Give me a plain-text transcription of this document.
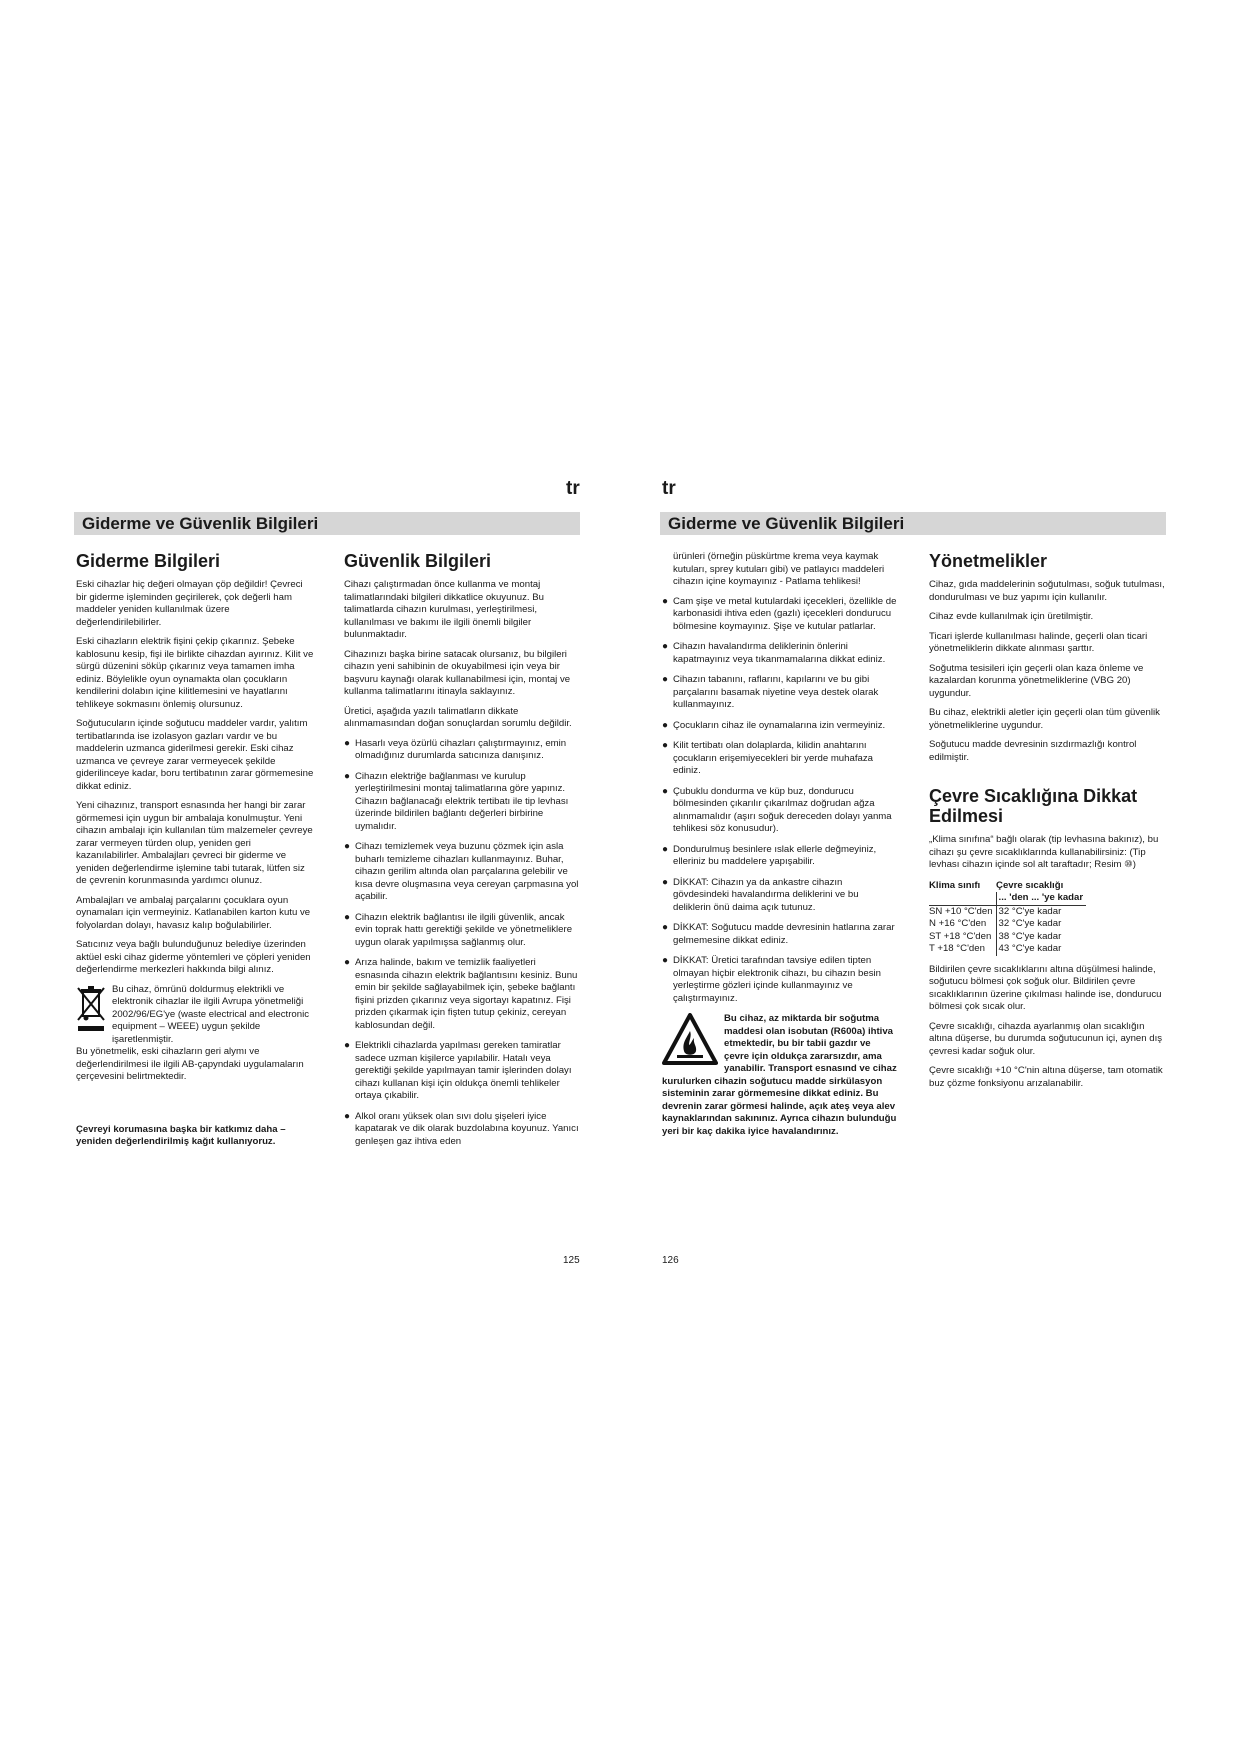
tr
Giderme ve Güvenlik Bilgileri
Giderme Bilgileri

Eski cihazlar hiç değeri olmayan çöp değildir! Çevreci bir giderme işleminden geçirilerek, çok değerli ham maddeler yeniden kullanılmak üzere değerlendirilebilirler.

Eski cihazların elektrik fişini çekip çıkarınız. Şebeke kablosunu kesip, fişi ile birlikte cihazdan ayırınız. Kilit ve sürgü düzenini söküp çıkarınız veya tamamen imha ediniz. Böylelikle oyun oynamakta olan çocukların kendilerini dolabın içine kilitlemesini ve hayatlarını tehlikeye sokmasını önlemiş olursunuz.

Soğutucuların içinde soğutucu maddeler vardır, yalıtım tertibatlarında ise izolasyon gazları vardır ve bu maddelerin uzmanca giderilmesi gerekir. Eski cihaz uzmanca ve çevreye zarar vermeyecek şekilde giderilinceye kadar, boru tertibatının zarar görmemesine dikkat ediniz.

Yeni cihazınız, transport esnasında her hangi bir zarar görmemesi için uygun bir ambalaja konulmuştur. Yeni cihazın ambalajı için kullanılan tüm malzemeler çevreye zarar vermeyen türden olup, yeniden geri kazanılabilirler. Ambalajları çevreci bir giderme ve yeniden değerlendirme işlemine tabi tutarak, lütfen siz de çevrenin korunmasında yardımcı olunuz.

Ambalajları ve ambalaj parçalarını çocuklara oyun oynamaları için vermeyiniz. Katlanabilen karton kutu ve folyolardan dolayı, havasız kalıp boğulabilirler.

Satıcınız veya bağlı bulunduğunuz belediye üzerinden aktüel eski cihaz giderme yöntemleri ve çöpleri yeniden değerlendirme merkezleri hakkında bilgi alınız.

Bu cihaz, ömrünü doldurmuş elektrikli ve elektronik cihazlar ile ilgili Avrupa yönetmeliği 2002/96/EG'ye (waste electrical and electronic equipment – WEEE) uygun şekilde işaretlenmiştir.

Bu yönetmelik, eski cihazların geri alymı ve değerlendirilmesi ile ilgili AB-çapyndaki uygulamaların çerçevesini belirtmektedir.

Çevreyi korumasına başka bir katkımız daha – yeniden değerlendirilmiş kağıt kullanıyoruz.

Güvenlik Bilgileri

Cihazı çalıştırmadan önce kullanma ve montaj talimatlarındaki bilgileri dikkatlice okuyunuz. Bu talimatlarda cihazın kurulması, yerleştirilmesi, kullanılması ve bakımı ile ilgili önemli bilgiler bulunmaktadır.

Cihazınızı başka birine satacak olursanız, bu bilgileri cihazın yeni sahibinin de okuyabilmesi için veya bir başvuru kaynağı olarak kullanabilmesi için, montaj ve kullanma talimatlarını itinayla saklayınız.

Üretici, aşağıda yazılı talimatların dikkate alınmamasından doğan sonuçlardan sorumlu değildir.

● Hasarlı veya özürlü cihazları çalıştırmayınız, emin olmadığınız durumlarda satıcınıza danışınız.
● Cihazın elektriğe bağlanması ve kurulup yerleştirilmesini montaj talimatlarına göre yapınız. Cihazın bağlanacağı elektrik tertibatı ile tip levhası üzerinde bildirilen bağlantı değerleri birbirine uymalıdır.
● Cihazı temizlemek veya buzunu çözmek için asla buharlı temizleme cihazları kullanmayınız. Buhar, cihazın gerilim altında olan parçalarına gelebilir ve kısa devre oluşmasına veya cereyan çarpmasına yol açabilir.
● Cihazın elektrik bağlantısı ile ilgili güvenlik, ancak evin toprak hattı gerektiği şekilde ve yönetmeliklere uygun olarak yapılmışsa sağlanmış olur.
● Arıza halinde, bakım ve temizlik faaliyetleri esnasında cihazın elektrik bağlantısını kesiniz. Bunu emin bir şekilde sağlayabilmek için, şebeke bağlantı fişini prizden çıkarınız veya sigortayı kapatınız. Fişi prizden çıkarmak için fişten tutup çekiniz, cereyan kablosundan değil.
● Elektrikli cihazlarda yapılması gereken tamiratlar sadece uzman kişilerce yapılabilir. Hatalı veya gerektiği şekilde yapılmayan tamir işlerinden dolayı cihazı kullanan kişi için oldukça önemli tehlikeler ortaya çıkabilir.
● Alkol oranı yüksek olan sıvı dolu şişeleri iyice kapatarak ve dik olarak buzdolabına koyunuz. Yanıcı genleşen gaz ihtiva eden
125
tr
Giderme ve Güvenlik Bilgileri

ürünleri (örneğin püskürtme krema veya kaymak kutuları, sprey kutuları gibi) ve patlayıcı maddeleri cihazın içine koymayınız - Patlama tehlikesi!

● Cam şişe ve metal kutulardaki içecekleri, özellikle de karbonasidi ihtiva eden (gazlı) içecekleri dondurucu bölmesine koymayınız. Şişe ve kutular patlarlar.
● Cihazın havalandırma deliklerinin önlerini kapatmayınız veya tıkanmamalarına dikkat ediniz.
● Cihazın tabanını, raflarını, kapılarını ve bu gibi parçalarını basamak niyetine veya destek olarak kullanmayınız.
● Çocukların cihaz ile oynamalarına izin vermeyiniz.
● Kilit tertibatı olan dolaplarda, kilidin anahtarını çocukların erişemiyecekleri bir yerde muhafaza ediniz.
● Çubuklu dondurma ve küp buz, dondurucu bölmesinden çıkarılır çıkarılmaz doğrudan ağza alınmamalıdır (aşırı soğuk dereceden dolayı yanma tehlikesi söz konusudur).
● Dondurulmuş besinlere ıslak ellerle değmeyiniz, elleriniz bu maddelere yapışabilir.
● DİKKAT: Cihazın ya da ankastre cihazın gövdesindeki havalandırma deliklerini ve bu deliklerin önü daima açık tutunuz.
● DİKKAT: Soğutucu madde devresinin hatlarına zarar gelmemesine dikkat ediniz.
● DİKKAT: Üretici tarafından tavsiye edilen tipten olmayan hiçbir elektronik cihazı, bu cihazın besin yerleştirme gözleri içinde kullanmayınız ve çalıştırmayınız.
Bu cihaz, az miktarda bir soğutma maddesi olan isobutan (R600a) ihtiva etmektedir, bu bir tabii gazdır ve çevre için oldukça zararsızdır, ama yanabilir. Transport esnasınd ve cihaz kurulurken cihazin soğutucu madde sirkülasyon sisteminin zarar görmemesine dikkat ediniz. Bu devrenin zarar görmesi halinde, açık ateş veya alev kaynaklarından sakınınız. Ayrıca cihazın bulunduğu yeri bir kaç dakika iyice havalandırınız.
Yönetmelikler

Cihaz, gıda maddelerinin soğutulması, soğuk tutulması, dondurulması ve buz yapımı için kullanılır.

Cihaz evde kullanılmak için üretilmiştir.

Ticari işlerde kullanılması halinde, geçerli olan ticari yönetmeliklerin dikkate alınması şarttır.

Soğutma tesisileri için geçerli olan kaza önleme ve kazalardan korunma yönetmeliklerine (VBG 20) uygundur.

Bu cihaz, elektrikli aletler için geçerli olan tüm güvenlik yönetmeliklerine uygundur.

Soğutucu madde devresinin sızdırmazlığı kontrol edilmiştir.

Çevre Sıcaklığına Dikkat Edilmesi

„Klima sınıfına“ bağlı olarak (tip levhasına bakınız), bu cihazı şu çevre sıcaklıklarında kullanabilirsiniz: (Tip levhası cihazın içinde sol alt taraftadır; Resim ⑩)

Klima sınıfı	Çevre sıcaklığı
	... 'den ... 'ye kadar
SN +10 °C'den	32 °C'ye kadar
N +16 °C'den	32 °C'ye kadar
ST +18 °C'den	38 °C'ye kadar
T +18 °C'den	43 °C'ye kadar

Bildirilen çevre sıcaklıklarını altına düşülmesi halinde, soğutucu bölmesi çok soğuk olur. Bildirilen çevre sıcaklıklarının üzerine çıkılması halinde ise, dondurucu bölmesi çok sıcak olur.

Çevre sıcaklığı, cihazda ayarlanmış olan sıcaklığın altına düşerse, bu durumda soğutucunun içi, aynen dış çevresi kadar soğuk olur.

Çevre sıcaklığı +10 °C'nin altına düşerse, tam otomatik buz çözme fonksiyonu arızalanabilir.

126
